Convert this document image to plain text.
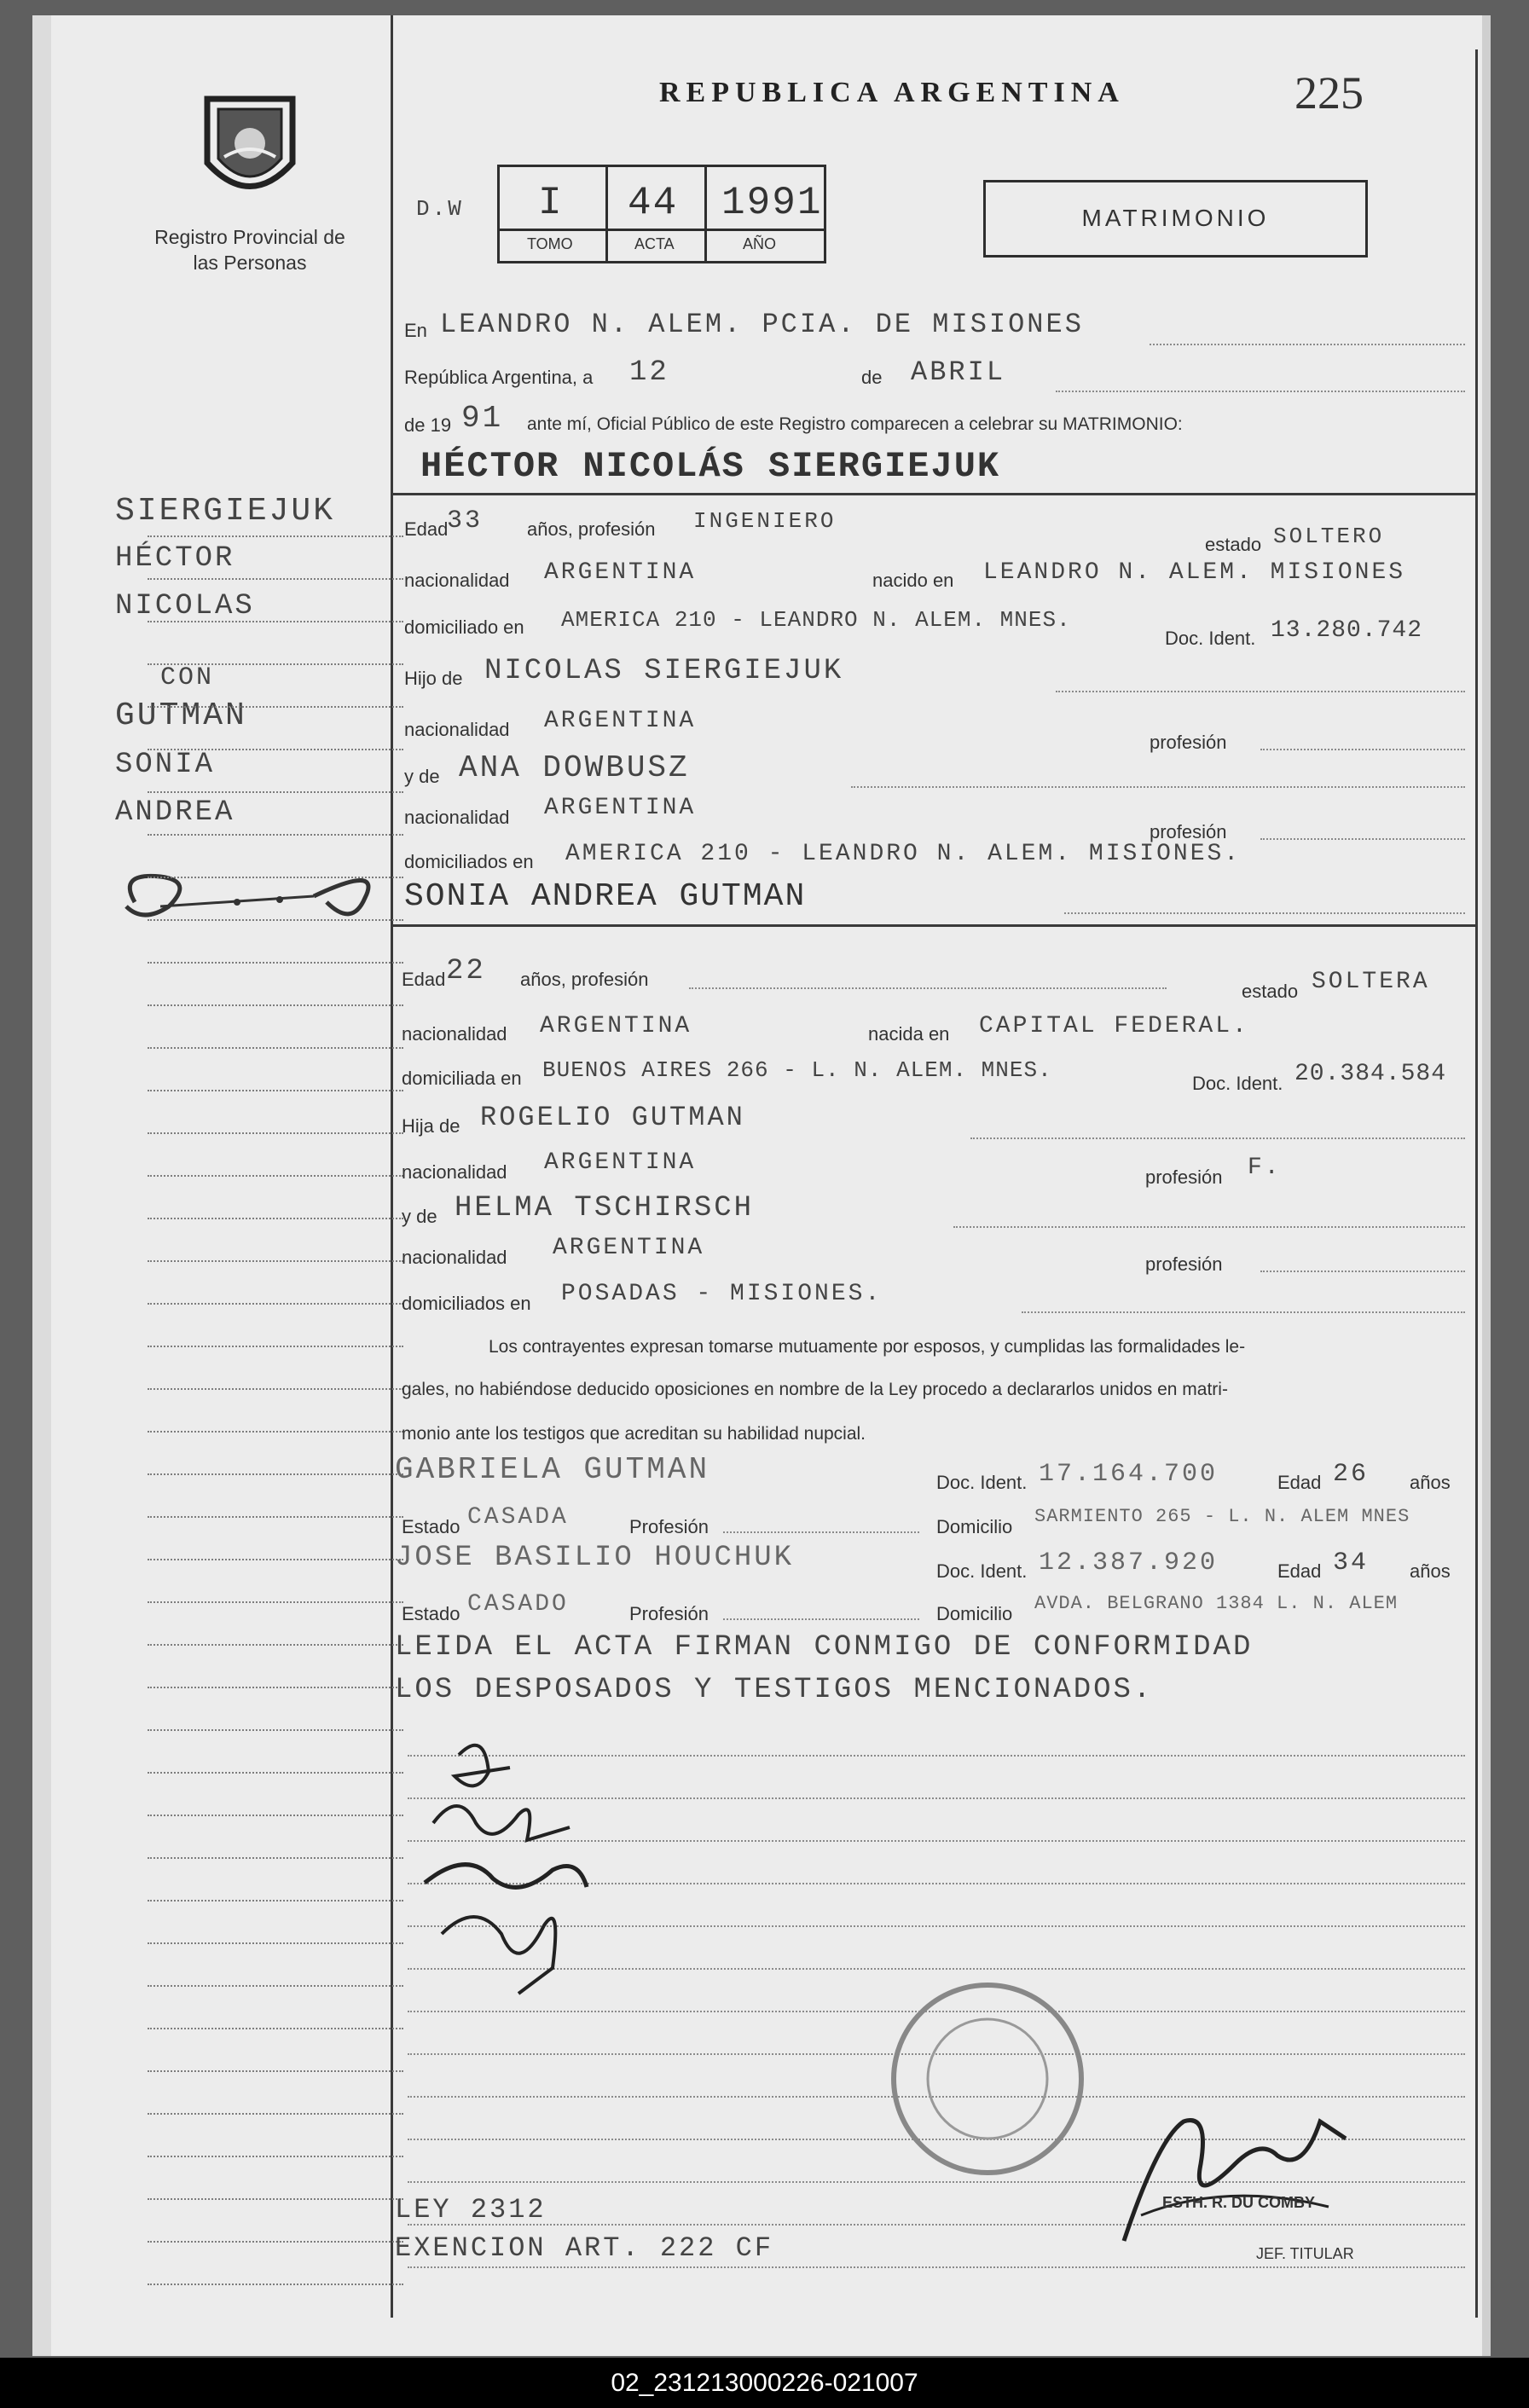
Registro Provincial de las Personas
REPUBLICA ARGENTINA	225
D.W I 44 1991
TOMO	ACTA	AÑO
MATRIMONIO
SIERGIEJUK
HÉCTOR
NICOLAS
CON
GUTMAN
SONIA
ANDREA
En LEANDRO N. ALEM. PCIA. DE MISIONES
República Argentina, a 12	de ABRIL
de 19 91 ante mí, Oficial Público de este Registro comparecen a celebrar su MATRIMONIO:
HÉCTOR NICOLÁS SIERGIEJUK
Edad
33 años, profesión INGENIERO
estado SOLTERO
nacionalidad ARGENTINA	nacido en LEANDRO N. ALEM. MISIONES
domiciliado en AMERICA 210 - LEANDRO N. ALEM. MNES.
Doc. Ident. 13.280.742
Hijo de NICOLAS SIERGIEJUK
nacionalidad ARGENTINA
profesión
y de ANA DOWBUSZ
nacionalidad ARGENTINA
profesión
domiciliados en AMERICA 210 - LEANDRO N. ALEM. MISIONES.
SONIA ANDREA GUTMAN
Edad 22 años, profesión
estado SOLTERA
nacionalidad ARGENTINA	nacida en CAPITAL FEDERAL.
domiciliada en BUENOS AIRES 266 - L. N. ALEM. MNES.
Doc. Ident. 20.384.584
Hija de ROGELIO GUTMAN
nacionalidad ARGENTINA
profesión F.
y de HELMA TSCHIRSCH
nacionalidad ARGENTINA
profesión
domiciliados en POSADAS - MISIONES.
Los contrayentes expresan tomarse mutuamente por esposos, y cumplidas las formalidades le-
gales, no habiéndose deducido oposiciones en nombre de la Ley procedo a declararlos unidos en matri-
monio ante los testigos que acreditan su habilidad nupcial.
GABRIELA GUTMAN	Doc. Ident. 17.164.700	Edad 26 años
Estado CASADA	Profesión	Domicilio SARMIENTO 265 - L. N. ALEM MNES
JOSE BASILIO HOUCHUK	Doc. Ident. 12.387.920	Edad 34 años
Estado CASADO	Profesión	Domicilio AVDA. BELGRANO 1384 L. N. ALEM
LEIDA EL ACTA FIRMAN CONMIGO DE CONFORMIDAD
LOS DESPOSADOS Y TESTIGOS MENCIONADOS.
ESTH. R. DU COMBY
JEF. TITULAR
LEY 2312
EXENCION ART. 222 CF
02_231213000226-021007
